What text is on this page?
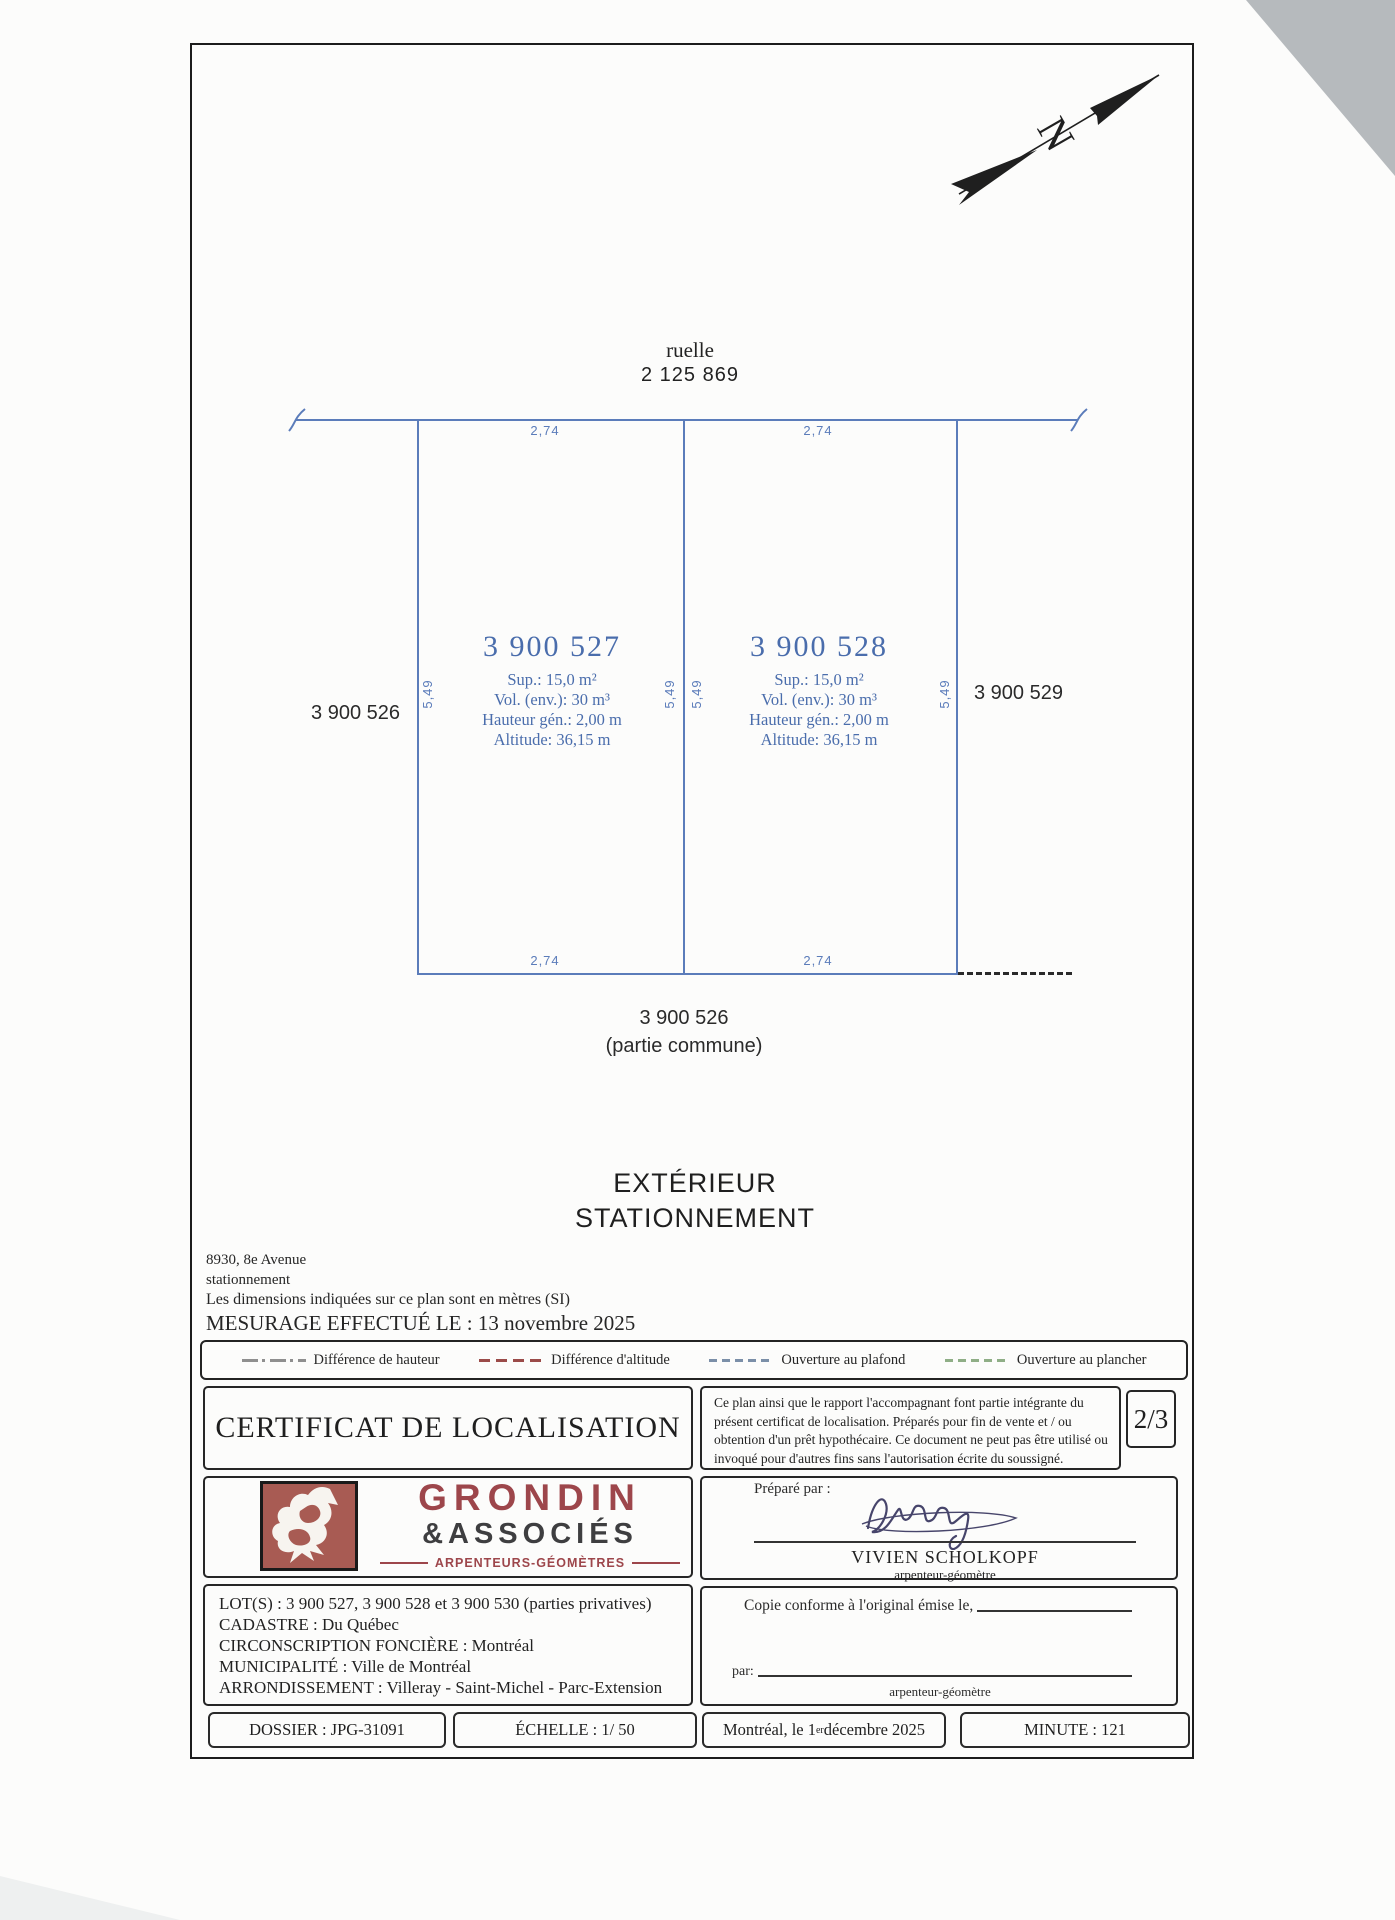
N
ruelle
2 125 869
2,74	2,74
2,74	2,74
5,49	5,49 5,49	5,49
3 900 527

Sup.: 15,0 m²

Vol. (env.): 30 m³

Hauteur gén.: 2,00 m

Altitude: 36,15 m

3 900 528

Sup.: 15,0 m²

Vol. (env.): 30 m³

Hauteur gén.: 2,00 m

Altitude: 36,15 m

3 900 526
3 900 529
3 900 526
(partie commune)
EXTÉRIEUR
STATIONNEMENT
8930, 8e Avenue
stationnement
Les dimensions indiquées sur ce plan sont en mètres (SI)
MESURAGE EFFECTUÉ LE : 13 novembre 2025
Différence de hauteur	Différence d'altitude	Ouverture au plafond	Ouverture au plancher
CERTIFICAT DE LOCALISATION
Ce plan ainsi que le rapport l'accompagnant font partie intégrante du présent certificat de localisation. Préparés pour fin de vente et / ou obtention d'un prêt hypothécaire. Ce document ne peut pas être utilisé ou invoqué pour d'autres fins sans l'autorisation écrite du soussigné.
2/3
GRONDIN
&ASSOCIÉS
ARPENTEURS-GÉOMÈTRES
Préparé par :
VIVIEN SCHOLKOPF
arpenteur-géomètre
LOT(S) : 3 900 527, 3 900 528 et 3 900 530 (parties privatives)
CADASTRE : Du Québec
CIRCONSCRIPTION FONCIÈRE : Montréal
MUNICIPALITÉ : Ville de Montréal
ARRONDISSEMENT : Villeray - Saint-Michel - Parc-Extension
Copie conforme à l'original émise le,
par:
arpenteur-géomètre
DOSSIER : JPG-31091	ÉCHELLE : 1/ 50	Montréal, le 1 er décembre 2025	MINUTE : 121
